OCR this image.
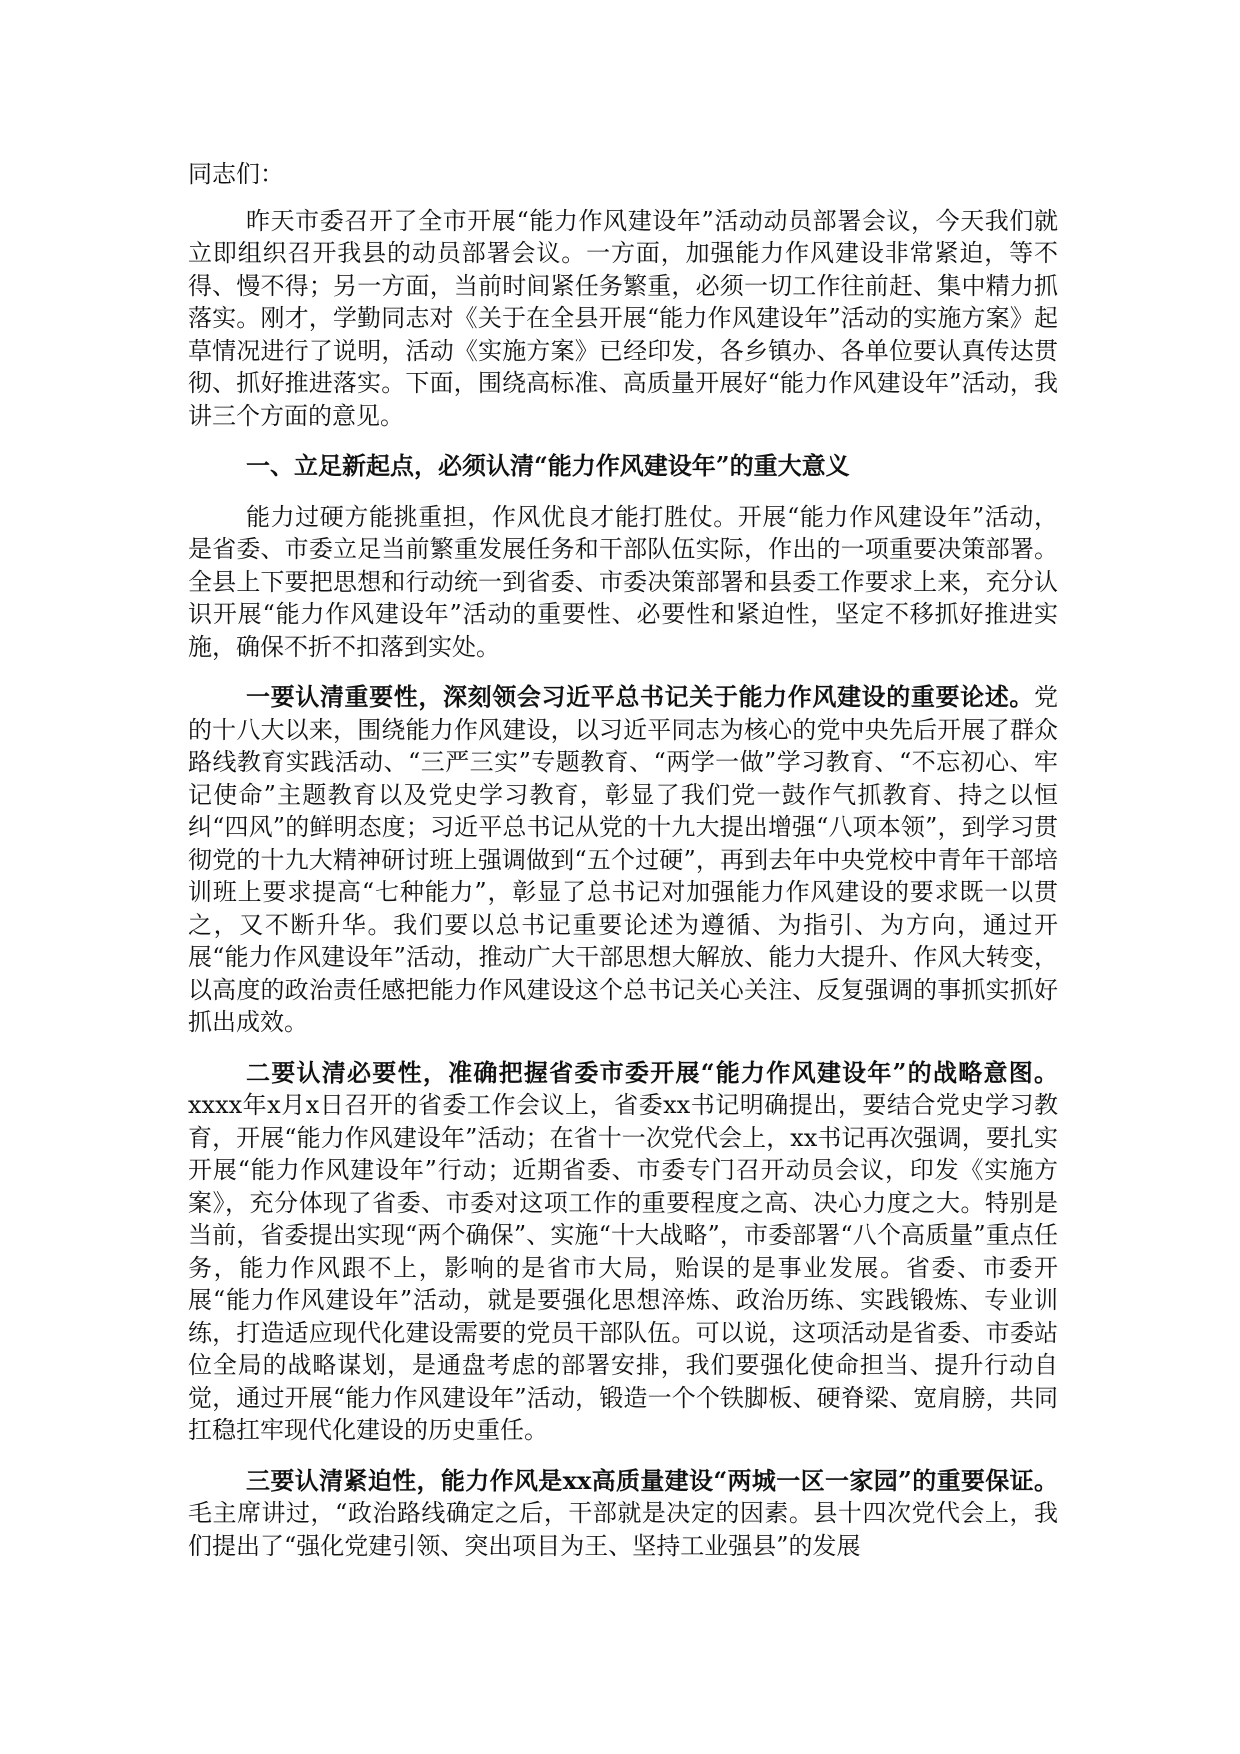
同志们：

昨天市委召开了全市开展“能力作风建设年”活动动员部署会议，今天我们就立即组织召开我县的动员部署会议。一方面，加强能力作风建设非常紧迫，等不得、慢不得；另一方面，当前时间紧任务繁重，必须一切工作往前赶、集中精力抓落实。刚才，学勤同志对《关于在全县开展“能力作风建设年”活动的实施方案》起草情况进行了说明，活动《实施方案》已经印发，各乡镇办、各单位要认真传达贯彻、抓好推进落实。下面，围绕高标准、高质量开展好“能力作风建设年”活动，我讲三个方面的意见。

一、立足新起点，必须认清“能力作风建设年”的重大意义

能力过硬方能挑重担，作风优良才能打胜仗。开展“能力作风建设年”活动，是省委、市委立足当前繁重发展任务和干部队伍实际，作出的一项重要决策部署。全县上下要把思想和行动统一到省委、市委决策部署和县委工作要求上来，充分认识开展“能力作风建设年”活动的重要性、必要性和紧迫性，坚定不移抓好推进实施，确保不折不扣落到实处。

一要认清重要性，深刻领会习近平总书记关于能力作风建设的重要论述。党的十八大以来，围绕能力作风建设，以习近平同志为核心的党中央先后开展了群众路线教育实践活动、“三严三实”专题教育、“两学一做”学习教育、“不忘初心、牢记使命”主题教育以及党史学习教育，彰显了我们党一鼓作气抓教育、持之以恒纠“四风”的鲜明态度；习近平总书记从党的十九大提出增强“八项本领”，到学习贯彻党的十九大精神研讨班上强调做到“五个过硬”，再到去年中央党校中青年干部培训班上要求提高“七种能力”，彰显了总书记对加强能力作风建设的要求既一以贯之，又不断升华。我们要以总书记重要论述为遵循、为指引、为方向，通过开展“能力作风建设年”活动，推动广大干部思想大解放、能力大提升、作风大转变，以高度的政治责任感把能力作风建设这个总书记关心关注、反复强调的事抓实抓好抓出成效。

二要认清必要性，准确把握省委市委开展“能力作风建设年”的战略意图。xxxx年x月x日召开的省委工作会议上，省委xx书记明确提出，要结合党史学习教育，开展“能力作风建设年”活动；在省十一次党代会上，xx书记再次强调，要扎实开展“能力作风建设年”行动；近期省委、市委专门召开动员会议，印发《实施方案》，充分体现了省委、市委对这项工作的重要程度之高、决心力度之大。特别是当前，省委提出实现“两个确保”、实施“十大战略”，市委部署“八个高质量”重点任务，能力作风跟不上，影响的是省市大局，贻误的是事业发展。省委、市委开展“能力作风建设年”活动，就是要强化思想淬炼、政治历练、实践锻炼、专业训练，打造适应现代化建设需要的党员干部队伍。可以说，这项活动是省委、市委站位全局的战略谋划，是通盘考虑的部署安排，我们要强化使命担当、提升行动自觉，通过开展“能力作风建设年”活动，锻造一个个铁脚板、硬脊梁、宽肩膀，共同扛稳扛牢现代化建设的历史重任。

三要认清紧迫性，能力作风是xx高质量建设“两城一区一家园”的重要保证。毛主席讲过，“政治路线确定之后，干部就是决定的因素。县十四次党代会上，我们提出了“强化党建引领、突出项目为王、坚持工业强县”的发展
